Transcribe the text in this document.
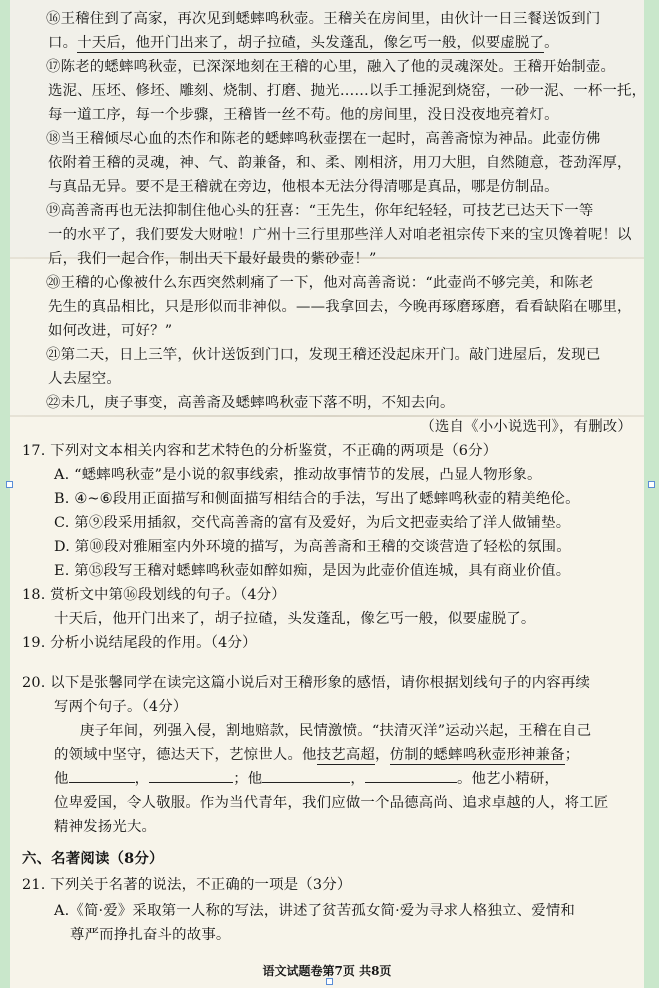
⑯王稽住到了高家，再次见到蟋蟀鸣秋壶。王稽关在房间里，由伙计一日三餐送饭到门
口。十天后，他开门出来了，胡子拉碴，头发蓬乱，像乞丐一般，似要虚脱了。
⑰陈老的蟋蟀鸣秋壶，已深深地刻在王稽的心里，融入了他的灵魂深处。王稽开始制壶。
选泥、压坯、修坯、雕刻、烧制、打磨、抛光……以手工捶泥到烧窑，一砂一泥、一杯一托，
每一道工序，每一个步骤，王稽皆一丝不苟。他的房间里，没日没夜地亮着灯。
⑱当王稽倾尽心血的杰作和陈老的蟋蟀鸣秋壶摆在一起时，高善斋惊为神品。此壶仿佛
依附着王稽的灵魂，神、气、韵兼备，和、柔、刚相济，用刀大胆，自然随意，苍劲浑厚，
与真品无异。要不是王稽就在旁边，他根本无法分得清哪是真品，哪是仿制品。
⑲高善斋再也无法抑制住他心头的狂喜：“王先生，你年纪轻轻，可技艺已达天下一等
一的水平了，我们要发大财啦！广州十三行里那些洋人对咱老祖宗传下来的宝贝馋着呢！以
后，我们一起合作，制出天下最好最贵的紫砂壶！”
⑳王稽的心像被什么东西突然刺痛了一下，他对高善斋说：“此壶尚不够完美，和陈老
先生的真品相比，只是形似而非神似。——我拿回去，今晚再琢磨琢磨，看看缺陷在哪里，
如何改进，可好？”
㉑第二天，日上三竿，伙计送饭到门口，发现王稽还没起床开门。敲门进屋后，发现已
人去屋空。
㉒未几，庚子事变，高善斋及蟋蟀鸣秋壶下落不明，不知去向。
（选自《小小说选刊》，有删改）
17. 下列对文本相关内容和艺术特色的分析鉴赏，不正确的两项是（6分）
A. “蟋蟀鸣秋壶”是小说的叙事线索，推动故事情节的发展，凸显人物形象。
B. ④~⑥段用正面描写和侧面描写相结合的手法，写出了蟋蟀鸣秋壶的精美绝伦。
C. 第⑨段采用插叙，交代高善斋的富有及爱好，为后文把壶卖给了洋人做铺垫。
D. 第⑩段对雅厢室内外环境的描写，为高善斋和王稽的交谈营造了轻松的氛围。
E. 第⑮段写王稽对蟋蟀鸣秋壶如醉如痴，是因为此壶价值连城，具有商业价值。
18. 赏析文中第⑯段划线的句子。（4分）
十天后，他开门出来了，胡子拉碴，头发蓬乱，像乞丐一般，似要虚脱了。
19. 分析小说结尾段的作用。（4分）
20. 以下是张馨同学在读完这篇小说后对王稽形象的感悟，请你根据划线句子的内容再续
写两个句子。（4分）
庚子年间，列强入侵，割地赔款，民情激愤。“扶清灭洋”运动兴起，王稽在自己
的领域中坚守，德达天下，艺惊世人。他技艺高超，仿制的蟋蟀鸣秋壶形神兼备；
他	，	；他	，	。他艺小精研，
位卑爱国，令人敬服。作为当代青年，我们应做一个品德高尚、追求卓越的人，将工匠
精神发扬光大。
六、名著阅读（8分）
21. 下列关于名著的说法，不正确的一项是（3分）
A.《简·爱》采取第一人称的写法，讲述了贫苦孤女简·爱为寻求人格独立、爱情和
尊严而挣扎奋斗的故事。
语文试题卷第7页 共8页
